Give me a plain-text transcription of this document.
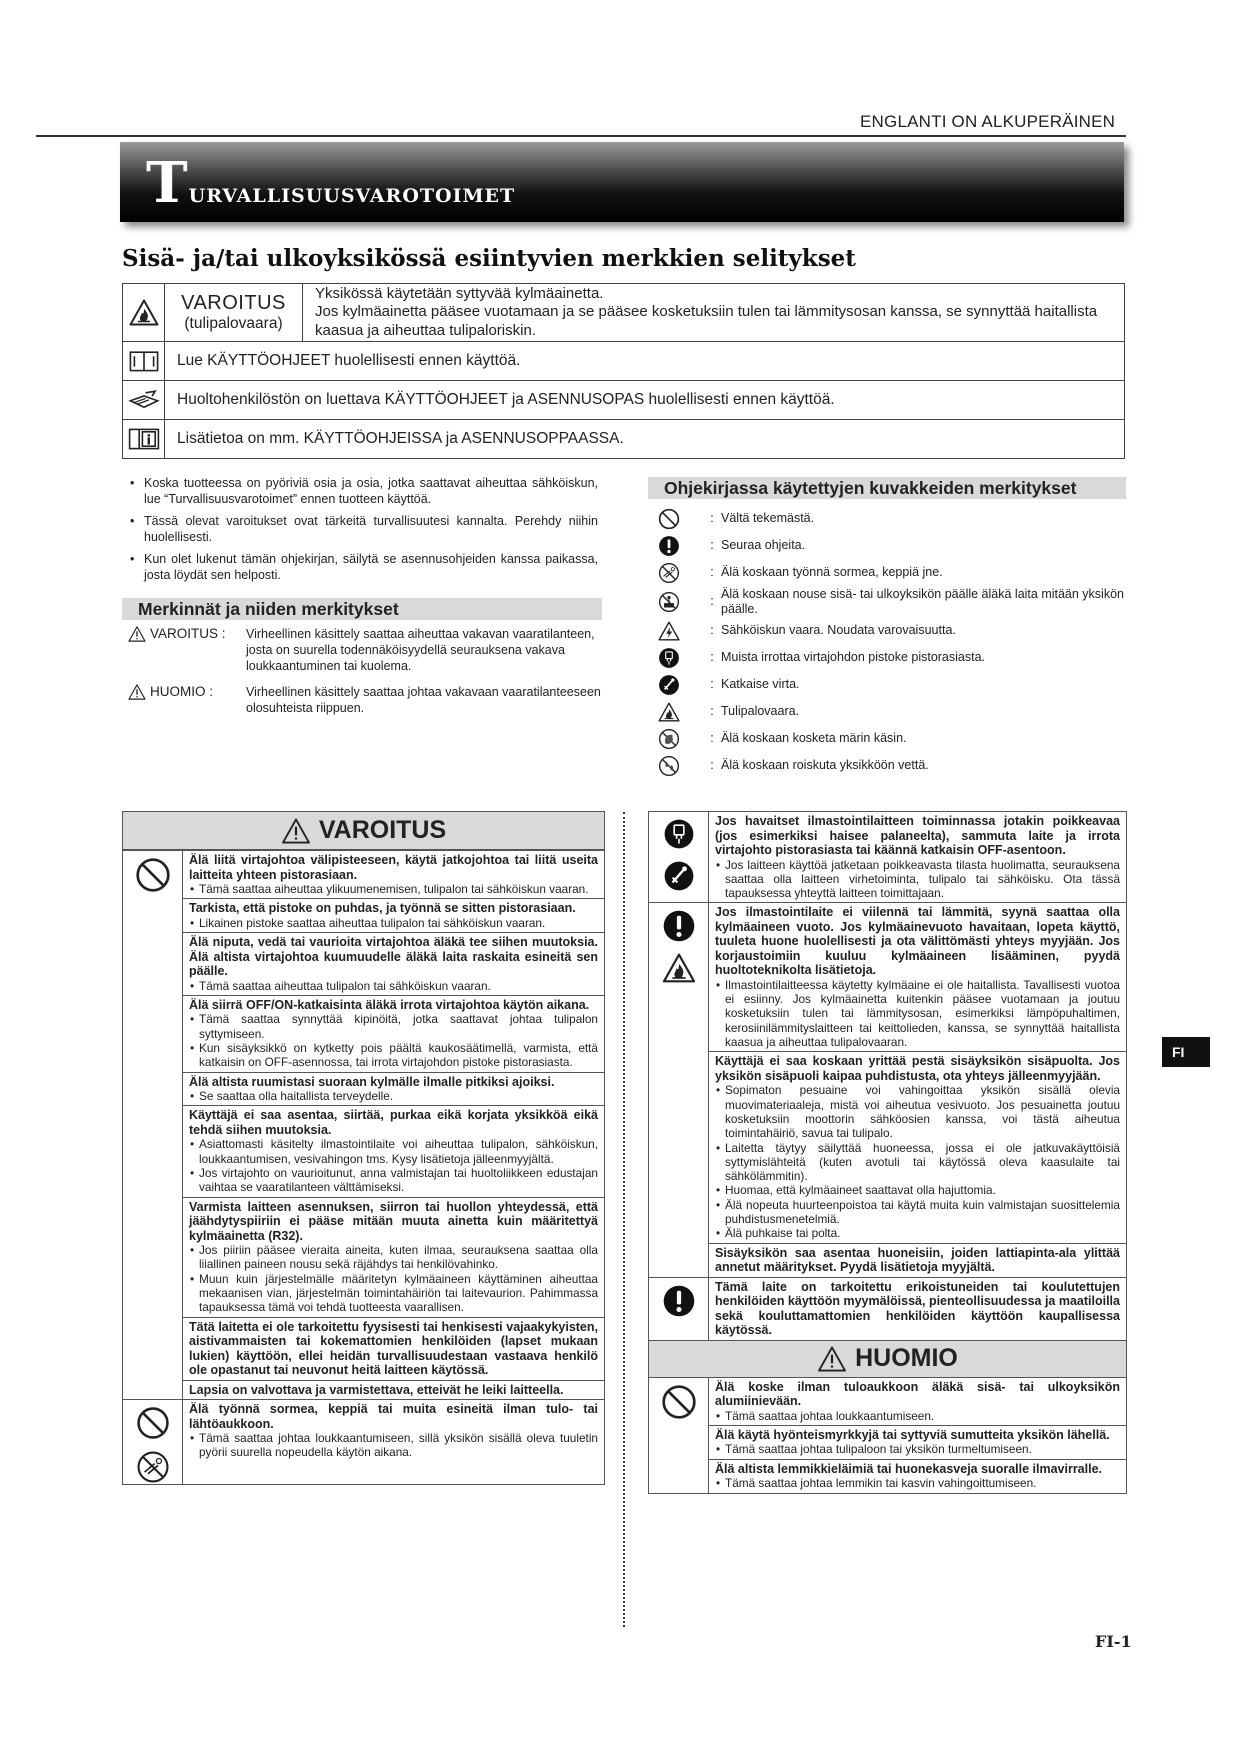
ENGLANTI ON ALKUPERÄINEN
Turvallisuusvarotoimet
Sisä- ja/tai ulkoyksikössä esiintyvien merkkien selitykset
VAROITUS
(tulipalovaara)
Yksikössä käytetään syttyvää kylmäainetta.
Jos kylmäainetta pääsee vuotamaan ja se pääsee kosketuksiin tulen tai lämmitysosan kanssa, se synnyttää haitallista kaasua ja aiheuttaa tulipaloriskin.
Lue KÄYTTÖOHJEET huolellisesti ennen käyttöä.
Huoltohenkilöstön on luettava KÄYTTÖOHJEET ja ASENNUSOPAS huolellisesti ennen käyttöä.
Lisätietoa on mm. KÄYTTÖOHJEISSA ja ASENNUSOPPAASSA.
• Koska tuotteessa on pyöriviä osia ja osia, jotka saattavat aiheuttaa sähköiskun, lue “Turvallisuusvarotoimet” ennen tuotteen käyttöä.
• Tässä olevat varoitukset ovat tärkeitä turvallisuutesi kannalta. Perehdy niihin huolellisesti.
• Kun olet lukenut tämän ohjekirjan, säilytä se asennusohjeiden kanssa paikassa, josta löydät sen helposti.
Merkinnät ja niiden merkitykset
VAROITUS : Virheellinen käsittely saattaa aiheuttaa vakavan vaaratilanteen, josta on suurella todennäköisyydellä seurauksena vakava loukkaantuminen tai kuolema.
HUOMIO :	Virheellinen käsittely saattaa johtaa vakavaan vaaratilanteeseen olosuhteista riippuen.
Ohjekirjassa käytettyjen kuvakkeiden merkitykset
: Vältä tekemästä.
: Seuraa ohjeita.
: Älä koskaan työnnä sormea, keppiä jne.
:
Älä koskaan nouse sisä- tai ulkoyksikön päälle äläkä laita mitään yksikön päälle.
: Sähköiskun vaara. Noudata varovaisuutta.
: Muista irrottaa virtajohdon pistoke pistorasiasta.
: Katkaise virta.
: Tulipalovaara.
: Älä koskaan kosketa märin käsin.
: Älä koskaan roiskuta yksikköön vettä.
VAROITUS
Älä liitä virtajohtoa välipisteeseen, käytä jatkojohtoa tai liitä useita laitteita yhteen pistorasiaan.
• Tämä saattaa aiheuttaa ylikuumenemisen, tulipalon tai sähköiskun vaaran.
Tarkista, että pistoke on puhdas, ja työnnä se sitten pistorasiaan.
• Likainen pistoke saattaa aiheuttaa tulipalon tai sähköiskun vaaran.
Älä niputa, vedä tai vaurioita virtajohtoa äläkä tee siihen muutoksia. Älä altista virtajohtoa kuumuudelle äläkä laita raskaita esineitä sen päälle.
• Tämä saattaa aiheuttaa tulipalon tai sähköiskun vaaran.
Älä siirrä OFF/ON-katkaisinta äläkä irrota virtajohtoa käytön aikana.
• Tämä saattaa synnyttää kipinöitä, jotka saattavat johtaa tulipalon syttymiseen.
• Kun sisäyksikkö on kytketty pois päältä kaukosäätimellä, varmista, että katkaisin on OFF-asennossa, tai irrota virtajohdon pistoke pistorasiasta.
Älä altista ruumistasi suoraan kylmälle ilmalle pitkiksi ajoiksi.
• Se saattaa olla haitallista terveydelle.
Käyttäjä ei saa asentaa, siirtää, purkaa eikä korjata yksikköä eikä tehdä siihen muutoksia.
• Asiattomasti käsitelty ilmastointilaite voi aiheuttaa tulipalon, sähköiskun, loukkaantumisen, vesivahingon tms. Kysy lisätietoja jälleenmyyjältä.
• Jos virtajohto on vaurioitunut, anna valmistajan tai huoltoliikkeen edustajan vaihtaa se vaaratilanteen välttämiseksi.
Varmista laitteen asennuksen, siirron tai huollon yhteydessä, että jäähdytyspiiriin ei pääse mitään muuta ainetta kuin määritettyä kylmäainetta (R32).
• Jos piiriin pääsee vieraita aineita, kuten ilmaa, seurauksena saattaa olla liiallinen paineen nousu sekä räjähdys tai henkilövahinko.
• Muun kuin järjestelmälle määritetyn kylmäaineen käyttäminen aiheuttaa mekaanisen vian, järjestelmän toimintahäiriön tai laitevaurion. Pahimmassa tapauksessa tämä voi tehdä tuotteesta vaarallisen.
Tätä laitetta ei ole tarkoitettu fyysisesti tai henkisesti vajaakykyisten, aistivammaisten tai kokemattomien henkilöiden (lapset mukaan lukien) käyttöön, ellei heidän turvallisuudestaan vastaava henkilö ole opastanut tai neuvonut heitä laitteen käytössä.
Lapsia on valvottava ja varmistettava, etteivät he leiki laitteella.
Älä työnnä sormea, keppiä tai muita esineitä ilman tulo- tai lähtöaukkoon.
• Tämä saattaa johtaa loukkaantumiseen, sillä yksikön sisällä oleva tuuletin pyörii suurella nopeudella käytön aikana.
Jos havaitset ilmastointilaitteen toiminnassa jotakin poikkeavaa (jos esimerkiksi haisee palaneelta), sammuta laite ja irrota virtajohto pistorasiasta tai käännä katkaisin OFF-asentoon.
• Jos laitteen käyttöä jatketaan poikkeavasta tilasta huolimatta, seurauksena saattaa olla laitteen virhetoiminta, tulipalo tai sähköisku. Ota tässä tapauksessa yhteyttä laitteen toimittajaan.
Jos ilmastointilaite ei viilennä tai lämmitä, syynä saattaa olla kylmäaineen vuoto. Jos kylmäainevuoto havaitaan, lopeta käyttö, tuuleta huone huolellisesti ja ota välittömästi yhteys myyjään. Jos korjaustoimiin kuuluu kylmäaineen lisääminen, pyydä huoltoteknikolta lisätietoja.
• Ilmastointilaitteessa käytetty kylmäaine ei ole haitallista. Tavallisesti vuotoa ei esiinny. Jos kylmäainetta kuitenkin pääsee vuotamaan ja joutuu kosketuksiin tulen tai lämmitysosan, esimerkiksi lämpöpuhaltimen, kerosiinilämmityslaitteen tai keittolieden, kanssa, se synnyttää haitallista kaasua ja aiheuttaa tulipalovaaran.
Käyttäjä ei saa koskaan yrittää pestä sisäyksikön sisäpuolta. Jos yksikön sisäpuoli kaipaa puhdistusta, ota yhteys jälleenmyyjään.
• Sopimaton pesuaine voi vahingoittaa yksikön sisällä olevia muovimateriaaleja, mistä voi aiheutua vesivuoto. Jos pesuainetta joutuu kosketuksiin moottorin sähköosien kanssa, voi tästä aiheutua toimintahäiriö, savua tai tulipalo.
• Laitetta täytyy säilyttää huoneessa, jossa ei ole jatkuvakäyttöisiä syttymislähteitä (kuten avotuli tai käytössä oleva kaasulaite tai sähkölämmitin).
• Huomaa, että kylmäaineet saattavat olla hajuttomia.
• Älä nopeuta huurteenpoistoa tai käytä muita kuin valmistajan suosittelemia puhdistusmenetelmiä.
• Älä puhkaise tai polta.
Sisäyksikön saa asentaa huoneisiin, joiden lattiapinta-ala ylittää annetut määritykset. Pyydä lisätietoja myyjältä.
Tämä laite on tarkoitettu erikoistuneiden tai koulutettujen henkilöiden käyttöön myymälöissä, pienteollisuudessa ja maatiloilla sekä kouluttamattomien henkilöiden käyttöön kaupallisessa käytössä.
HUOMIO
Älä koske ilman tuloaukkoon äläkä sisä- tai ulkoyksikön alumiinievään.
• Tämä saattaa johtaa loukkaantumiseen.
Älä käytä hyönteismyrkkyjä tai syttyviä sumutteita yksikön lähellä.
• Tämä saattaa johtaa tulipaloon tai yksikön turmeltumiseen.
Älä altista lemmikkieläimiä tai huonekasveja suoralle ilmavirralle.
• Tämä saattaa johtaa lemmikin tai kasvin vahingoittumiseen.
FI
FI-1
